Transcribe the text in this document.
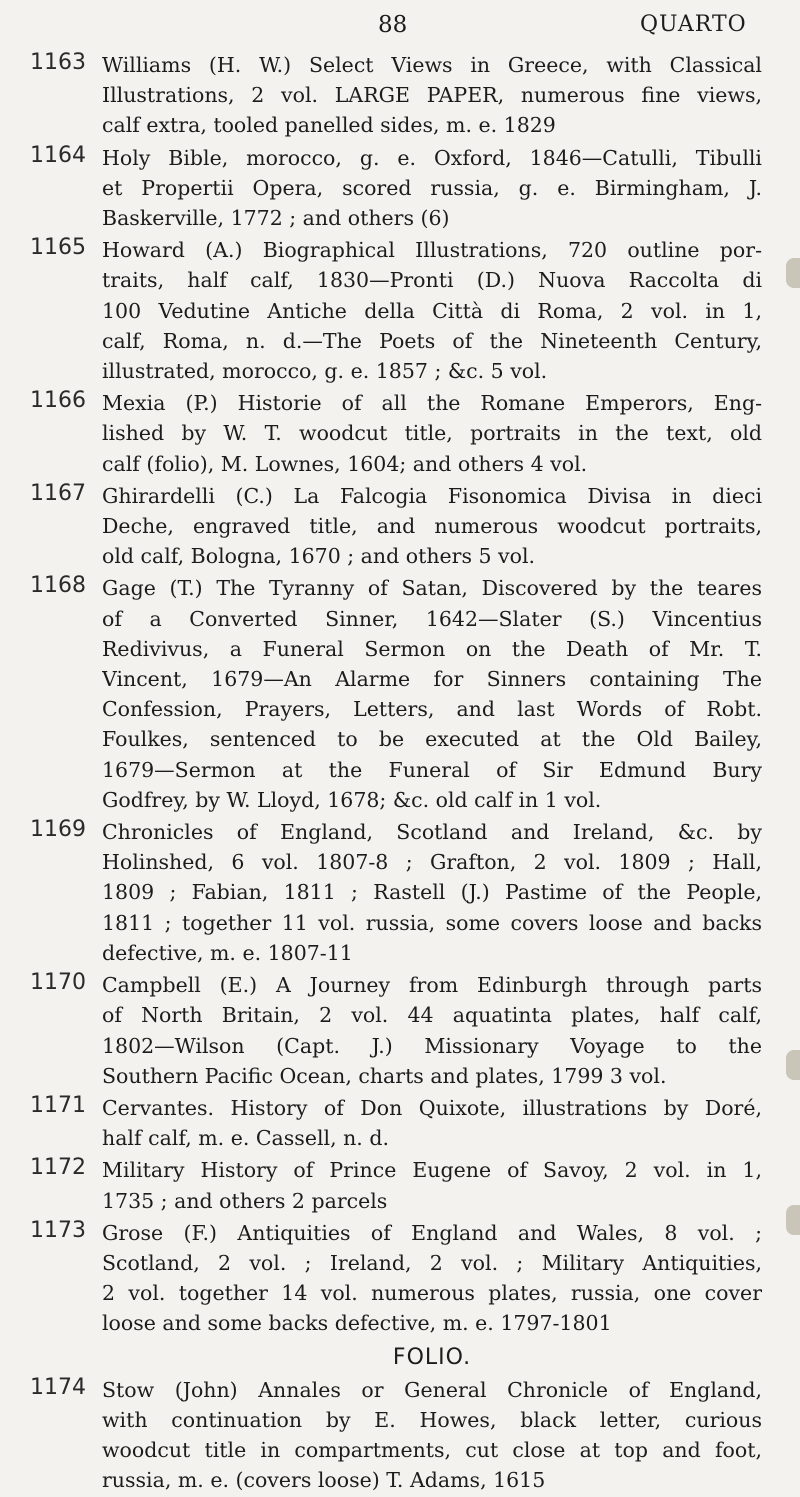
88	QUARTO
1163 Williams (H. W.) Select Views in Greece, with Classical
Illustrations, 2 vol. LARGE PAPER, numerous fine views,
calf extra, tooled panelled sides, m. e. 1829
1164 Holy Bible, morocco, g. e. Oxford, 1846—Catulli, Tibulli
et Propertii Opera, scored russia, g. e. Birmingham, J.
Baskerville, 1772 ; and others (6)
1165 Howard (A.) Biographical Illustrations, 720 outline por-
traits, half calf, 1830—Pronti (D.) Nuova Raccolta di
100 Vedutine Antiche della Città di Roma, 2 vol. in 1,
calf, Roma, n. d.—The Poets of the Nineteenth Century,
illustrated, morocco, g. e. 1857 ; &c. 5 vol.
1166 Mexia (P.) Historie of all the Romane Emperors, Eng-
lished by W. T. woodcut title, portraits in the text, old
calf (folio), M. Lownes, 1604; and others 4 vol.
1167 Ghirardelli (C.) La Falcogia Fisonomica Divisa in dieci
Deche, engraved title, and numerous woodcut portraits,
old calf, Bologna, 1670 ; and others 5 vol.
1168 Gage (T.) The Tyranny of Satan, Discovered by the teares
of a Converted Sinner, 1642—Slater (S.) Vincentius
Redivivus, a Funeral Sermon on the Death of Mr. T.
Vincent, 1679—An Alarme for Sinners containing The
Confession, Prayers, Letters, and last Words of Robt.
Foulkes, sentenced to be executed at the Old Bailey,
1679—Sermon at the Funeral of Sir Edmund Bury
Godfrey, by W. Lloyd, 1678; &c. old calf in 1 vol.
1169 Chronicles of England, Scotland and Ireland, &c. by
Holinshed, 6 vol. 1807-8 ; Grafton, 2 vol. 1809 ; Hall,
1809 ; Fabian, 1811 ; Rastell (J.) Pastime of the People,
1811 ; together 11 vol. russia, some covers loose and backs
defective, m. e. 1807-11
1170 Campbell (E.) A Journey from Edinburgh through parts
of North Britain, 2 vol. 44 aquatinta plates, half calf,
1802—Wilson (Capt. J.) Missionary Voyage to the
Southern Pacific Ocean, charts and plates, 1799 3 vol.
1171 Cervantes. History of Don Quixote, illustrations by Doré,
half calf, m. e. Cassell, n. d.
1172 Military History of Prince Eugene of Savoy, 2 vol. in 1,
1735 ; and others 2 parcels
1173 Grose (F.) Antiquities of England and Wales, 8 vol. ;
Scotland, 2 vol. ; Ireland, 2 vol. ; Military Antiquities,
2 vol. together 14 vol. numerous plates, russia, one cover
loose and some backs defective, m. e. 1797-1801
FOLIO.
1174 Stow (John) Annales or General Chronicle of England,
with continuation by E. Howes, black letter, curious
woodcut title in compartments, cut close at top and foot,
russia, m. e. (covers loose) T. Adams, 1615
